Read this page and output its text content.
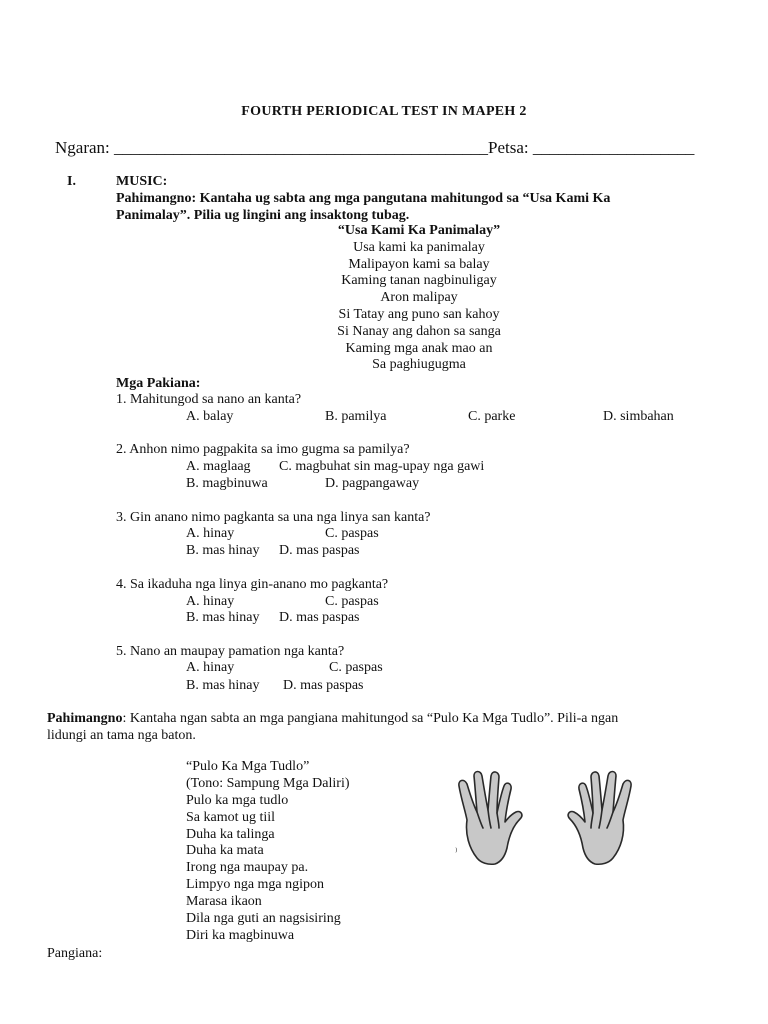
FOURTH PERIODICAL TEST IN MAPEH 2
Ngaran: ____________________________________________Petsa: ___________________
I.	MUSIC:
Pahimangno: Kantaha ug sabta ang mga pangutana mahitungod sa “Usa Kami Ka
Panimalay”. Pilia ug lingini ang insaktong tubag.
“Usa Kami Ka Panimalay”
Usa kami ka panimalay
Malipayon kami sa balay
Kaming tanan nagbinuligay
Aron malipay
Si Tatay ang puno san kahoy
Si Nanay ang dahon sa sanga
Kaming mga anak mao an
Sa paghiugugma
Mga Pakiana:
1. Mahitungod sa nano an kanta?
A. balay	B. pamilya	C. parke	D. simbahan
2. Anhon nimo pagpakita sa imo gugma sa pamilya?
A. maglaag C. magbuhat sin mag-upay nga gawi
B. magbinuwa	D. pagpangaway
3. Gin anano nimo pagkanta sa una nga linya san kanta?
A. hinay	C. paspas
B. mas hinay D. mas paspas
4. Sa ikaduha nga linya gin-anano mo pagkanta?
A. hinay	C. paspas
B. mas hinay D. mas paspas
5. Nano an maupay pamation nga kanta?
A. hinay	C. paspas
B. mas hinay D. mas paspas
Pahimangno: Kantaha ngan sabta an mga pangiana mahitungod sa “Pulo Ka Mga Tudlo”. Pili-a ngan
lidungi an tama nga baton.
“Pulo Ka Mga Tudlo”
(Tono: Sampung Mga Daliri)
Pulo ka mga tudlo
Sa kamot ug tiil
Duha ka talinga
Duha ka mata
Irong nga maupay pa.
Limpyo nga mga ngipon
Marasa ikaon
Dila nga guti an nagsisiring
Diri ka magbinuwa
⁾
Pangiana:
